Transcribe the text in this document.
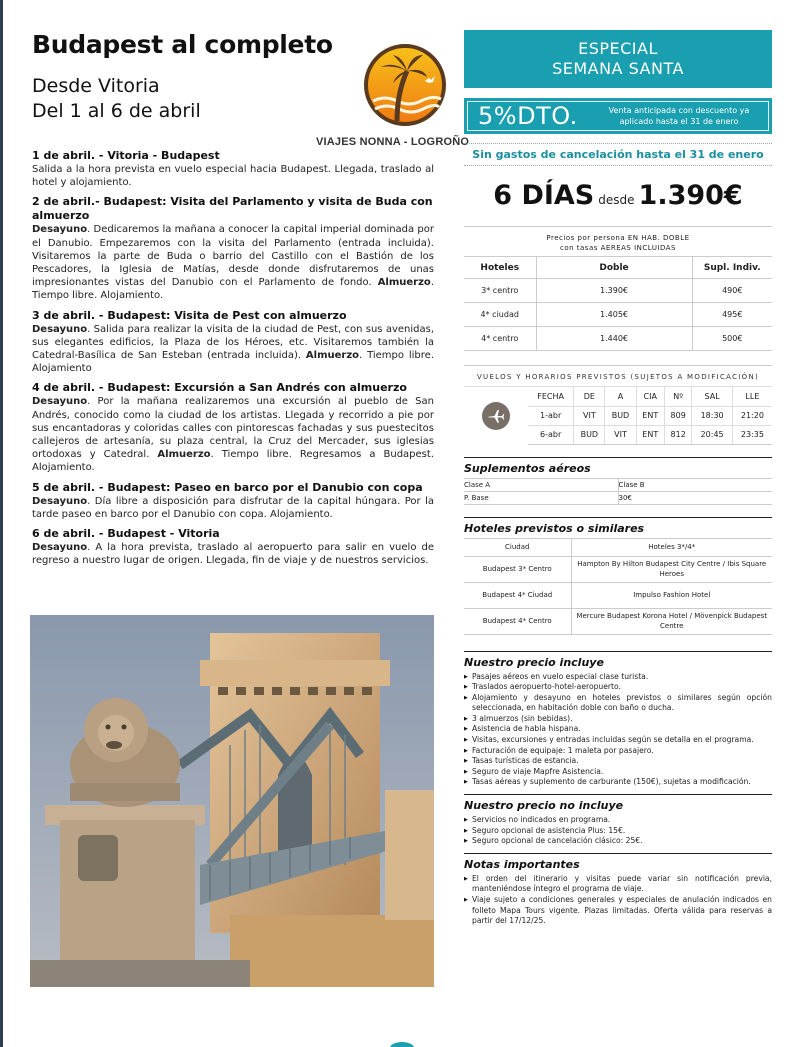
Budapest al completo
Desde Vitoria
Del 1 al 6 de abril
VIAJES NONNA - LOGROÑO
1 de abril. - Vitoria - Budapest
Salida a la hora prevista en vuelo especial hacia Budapest. Llegada, traslado al hotel y alojamiento.
2 de abril.- Budapest: Visita del Parlamento y visita de Buda con almuerzo
Desayuno. Dedicaremos la mañana a conocer la capital imperial dominada por el Danubio. Empezaremos con la visita del Parlamento (entrada incluida). Visitaremos la parte de Buda o barrio del Castillo con el Bastión de los Pescadores, la Iglesia de Matías, desde donde disfrutaremos de unas impresionantes vistas del Danubio con el Parlamento de fondo. Almuerzo. Tiempo libre. Alojamiento.
3 de abril. - Budapest: Visita de Pest con almuerzo
Desayuno. Salida para realizar la visita de la ciudad de Pest, con sus avenidas, sus elegantes edificios, la Plaza de los Héroes, etc. Visitaremos también la Catedral-Basílica de San Esteban (entrada incluida). Almuerzo. Tiempo libre. Alojamiento
4 de abril. - Budapest: Excursión a San Andrés con almuerzo
Desayuno. Por la mañana realizaremos una excursión al pueblo de San Andrés, conocido como la ciudad de los artistas. Llegada y recorrido a pie por sus encantadoras y coloridas calles con pintorescas fachadas y sus puestecitos callejeros de artesanía, su plaza central, la Cruz del Mercader, sus iglesias ortodoxas y Catedral. Almuerzo. Tiempo libre. Regresamos a Budapest. Alojamiento.
5 de abril. - Budapest: Paseo en barco por el Danubio con copa
Desayuno. Día libre a disposición para disfrutar de la capital húngara. Por la tarde paseo en barco por el Danubio con copa. Alojamiento.
6 de abril. - Budapest - Vitoria
Desayuno. A la hora prevista, traslado al aeropuerto para salir en vuelo de regreso a nuestro lugar de origen. Llegada, fin de viaje y de nuestros servicios.
ESPECIAL
SEMANA SANTA
5%DTO.	Venta anticipada con descuento ya
aplicado hasta el 31 de enero
Sin gastos de cancelación hasta el 31 de enero
6 DÍAS desde 1.390€
Precios por persona EN HAB. DOBLE
con tasas AEREAS INCLUIDAS
Hoteles	Doble	Supl. Indiv.
3* centro	1.390€	490€
4* ciudad	1.405€	495€
4* centro	1.440€	500€
VUELOS Y HORARIOS PREVISTOS (SUJETOS A MODIFICACIÓN)
FECHA	DE	A	CIA	Nº	SAL	LLE
1-abr	VIT	BUD	ENT	809	18:30	21:20
6-abr	BUD	VIT	ENT	812	20:45	23:35
Suplementos aéreos
Clase A	Clase B
P. Base	30€
Hoteles previstos o similares
Ciudad	Hoteles 3*/4*
Budapest 3* Centro	Hampton By Hilton Budapest City Centre / Ibis Square Heroes
Budapest 4* Ciudad	Impulso Fashion Hotel
Budapest 4* Centro	Mercure Budapest Korona Hotel / Mövenpick Budapest Centre
Nuestro precio incluye
▶ Pasajes aéreos en vuelo especial clase turista.
▶ Traslados aeropuerto-hotel-aeropuerto.
▶ Alojamiento y desayuno en hoteles previstos o similares según opción seleccionada, en habitación doble con baño o ducha.
▶ 3 almuerzos (sin bebidas).
▶ Asistencia de habla hispana.
▶ Visitas, excursiones y entradas incluidas según se detalla en el programa.
▶ Facturación de equipaje: 1 maleta por pasajero.
▶ Tasas turísticas de estancia.
▶ Seguro de viaje Mapfre Asistencia.
▶ Tasas aéreas y suplemento de carburante (150€), sujetas a modificación.
Nuestro precio no incluye
▶ Servicios no indicados en programa.
▶ Seguro opcional de asistencia Plus: 15€.
▶ Seguro opcional de cancelación clásico: 25€.
Notas importantes
▶ El orden del itinerario y visitas puede variar sin notificación previa, manteniéndose íntegro el programa de viaje.
▶ Viaje sujeto a condiciones generales y especiales de anulación indicados en folleto Mapa Tours vigente. Plazas limitadas. Oferta válida para reservas a partir del 17/12/25.
